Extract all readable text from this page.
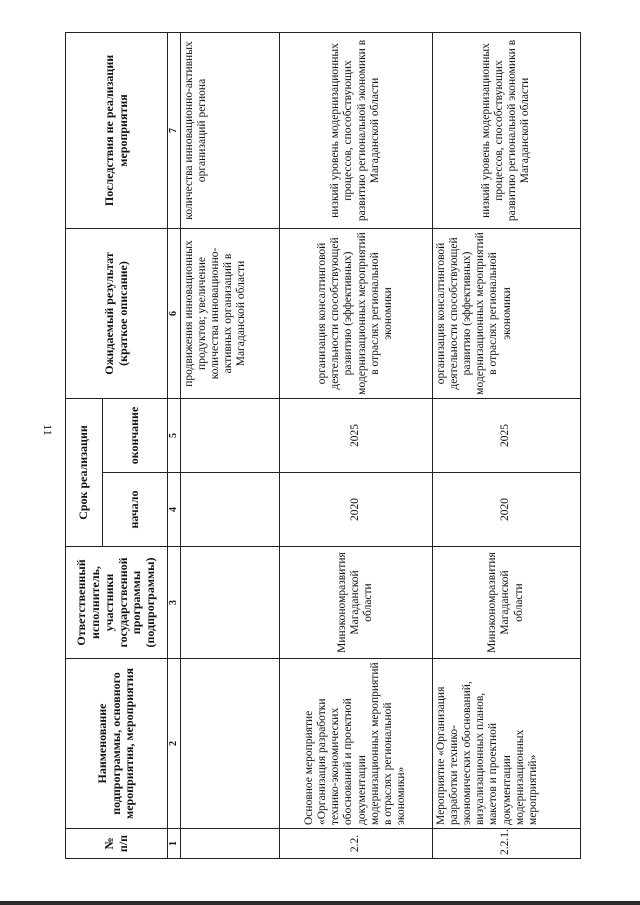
11
№ п/п	Наименование подпрограммы, основного мероприятия, мероприятия	Ответственный исполнитель, участники государственной программы (подпрограммы)	Срок реализации		Ожидаемый результат (краткое описание)	Последствия не реализации мероприятия
			начало	окончание		
1	2	3	4	5	6	7
					продвижения инновационных продуктов; увеличение количества инновационно-активных организаций в Магаданской области	количества инновационно-активных организаций региона
2.2.	Основное мероприятие «Организация разработки технико-экономических обоснований и проектной документации модернизационных мероприятий в отраслях региональной экономики»	Минэкономразвития Магаданской области	2020	2025	организация консалтинговой деятельности способствующей развитию (эффективных) модернизационных мероприятий в отраслях региональной экономики	низкий уровень модернизационных процессов, способствующих развитию региональной экономики в Магаданской области
2.2.1.	Мероприятие «Организация разработки технико-экономических обоснований, визуализационных планов, макетов и проектной документации модернизационных мероприятий»	Минэкономразвития Магаданской области	2020	2025	организация консалтинговой деятельности способствующей развитию (эффективных) модернизационных мероприятий в отраслях региональной экономики	низкий уровень модернизационных процессов, способствующих развитию региональной экономики в Магаданской области
